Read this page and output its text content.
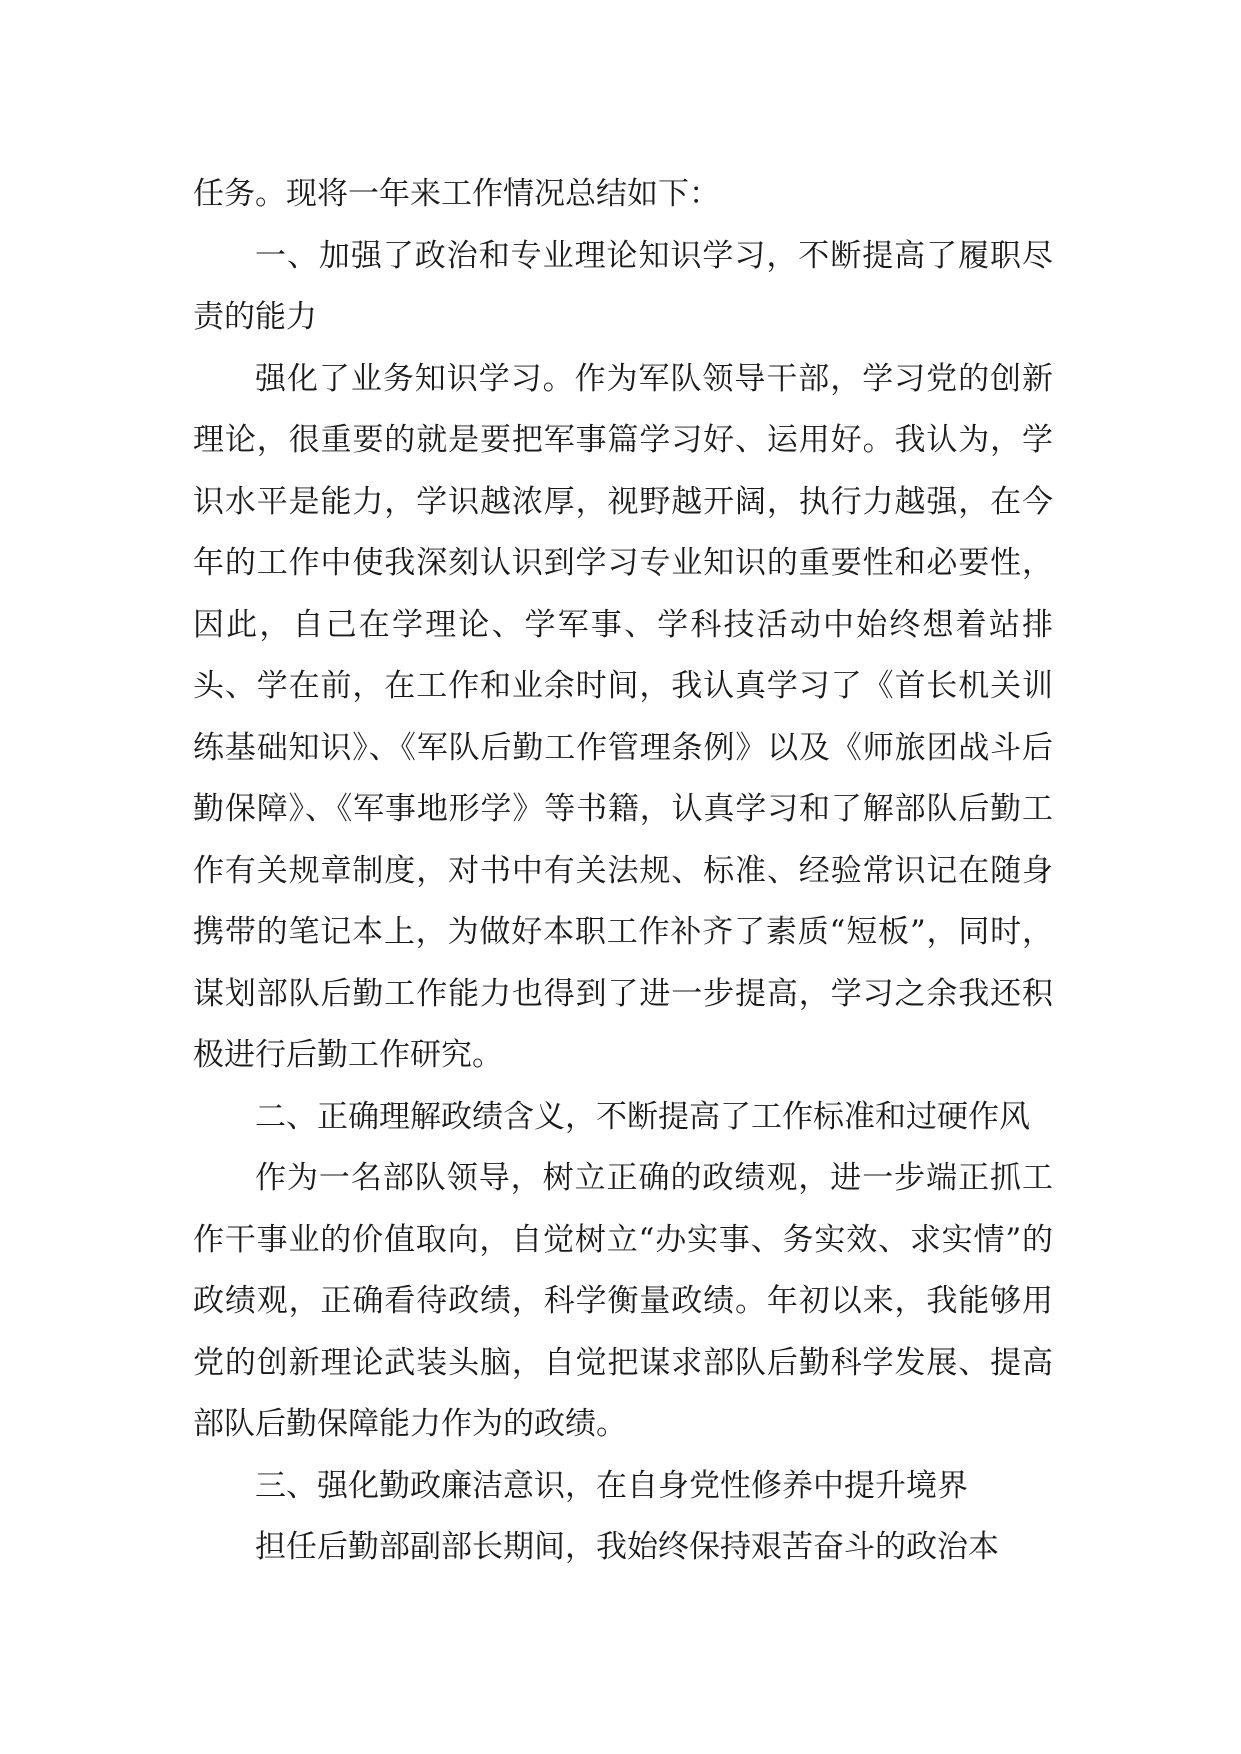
任务。现将一年来工作情况总结如下：

一、加强了政治和专业理论知识学习，不断提高了履职尽责的能力

强化了业务知识学习。作为军队领导干部，学习党的创新理论，很重要的就是要把军事篇学习好、运用好。我认为，学识水平是能力，学识越浓厚，视野越开阔，执行力越强，在今年的工作中使我深刻认识到学习专业知识的重要性和必要性，因此，自己在学理论、学军事、学科技活动中始终想着站排头、学在前，在工作和业余时间，我认真学习了《首长机关训练基础知识》、《军队后勤工作管理条例》以及《师旅团战斗后勤保障》、《军事地形学》等书籍，认真学习和了解部队后勤工作有关规章制度，对书中有关法规、标准、经验常识记在随身携带的笔记本上，为做好本职工作补齐了素质“短板”，同时，谋划部队后勤工作能力也得到了进一步提高，学习之余我还积极进行后勤工作研究。

二、正确理解政绩含义，不断提高了工作标准和过硬作风

作为一名部队领导，树立正确的政绩观，进一步端正抓工作干事业的价值取向，自觉树立“办实事、务实效、求实情”的政绩观，正确看待政绩，科学衡量政绩。年初以来，我能够用党的创新理论武装头脑，自觉把谋求部队后勤科学发展、提高部队后勤保障能力作为的政绩。

三、强化勤政廉洁意识，在自身党性修养中提升境界

担任后勤部副部长期间，我始终保持艰苦奋斗的政治本
